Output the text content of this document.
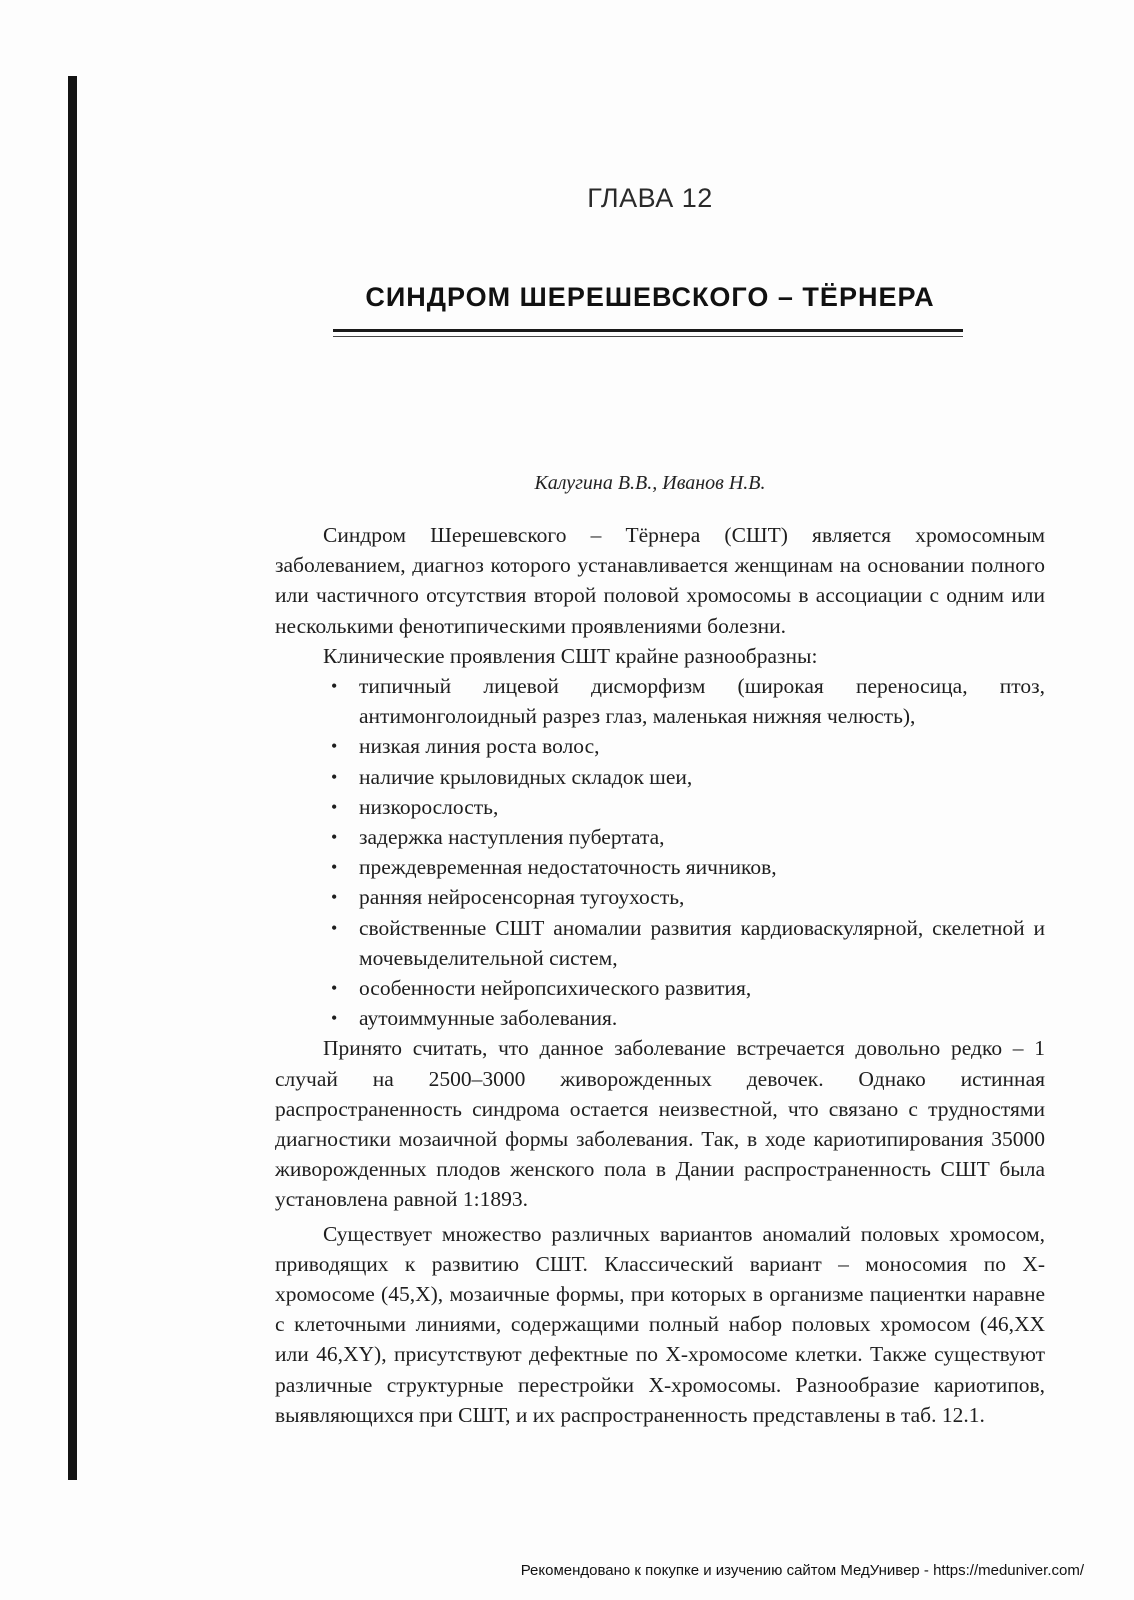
ГЛАВА 12
СИНДРОМ ШЕРЕШЕВСКОГО – ТЁРНЕРА
Калугина В.В., Иванов Н.В.

Синдром Шерешевского – Тёрнера (СШТ) является хромосомным заболеванием, диагноз которого устанавливается женщинам на основании полного или частичного отсутствия второй половой хромосомы в ассоциации с одним или несколькими фенотипическими проявлениями болезни.

Клинические проявления СШТ крайне разнообразны:

• типичный лицевой дисморфизм (широкая переносица, птоз, антимонголоидный разрез глаз, маленькая нижняя челюсть),
• низкая линия роста волос,
• наличие крыловидных складок шеи,
• низкорослость,
• задержка наступления пубертата,
• преждевременная недостаточность яичников,
• ранняя нейросенсорная тугоухость,
• свойственные СШТ аномалии развития кардиоваскулярной, скелетной и мочевыделительной систем,
• особенности нейропсихического развития,
• аутоиммунные заболевания.

Принято считать, что данное заболевание встречается довольно редко – 1 случай на 2500–3000 живорожденных девочек. Однако истинная распространенность синдрома остается неизвестной, что связано с трудностями диагностики мозаичной формы заболевания. Так, в ходе кариотипирования 35000 живорожденных плодов женского пола в Дании распространенность СШТ была установлена равной 1:1893.

Существует множество различных вариантов аномалий половых хромосом, приводящих к развитию СШТ. Классический вариант – моносомия по Х-хромосоме (45,Х), мозаичные формы, при которых в организме пациентки наравне с клеточными линиями, содержащими полный набор половых хромосом (46,ХХ или 46,XY), присутствуют дефектные по Х-хромосоме клетки. Также существуют различные структурные перестройки Х-хромосомы. Разнообразие кариотипов, выявляющихся при СШТ, и их распространенность представлены в таб. 12.1.

Рекомендовано к покупке и изучению сайтом МедУнивер - https://meduniver.com/
